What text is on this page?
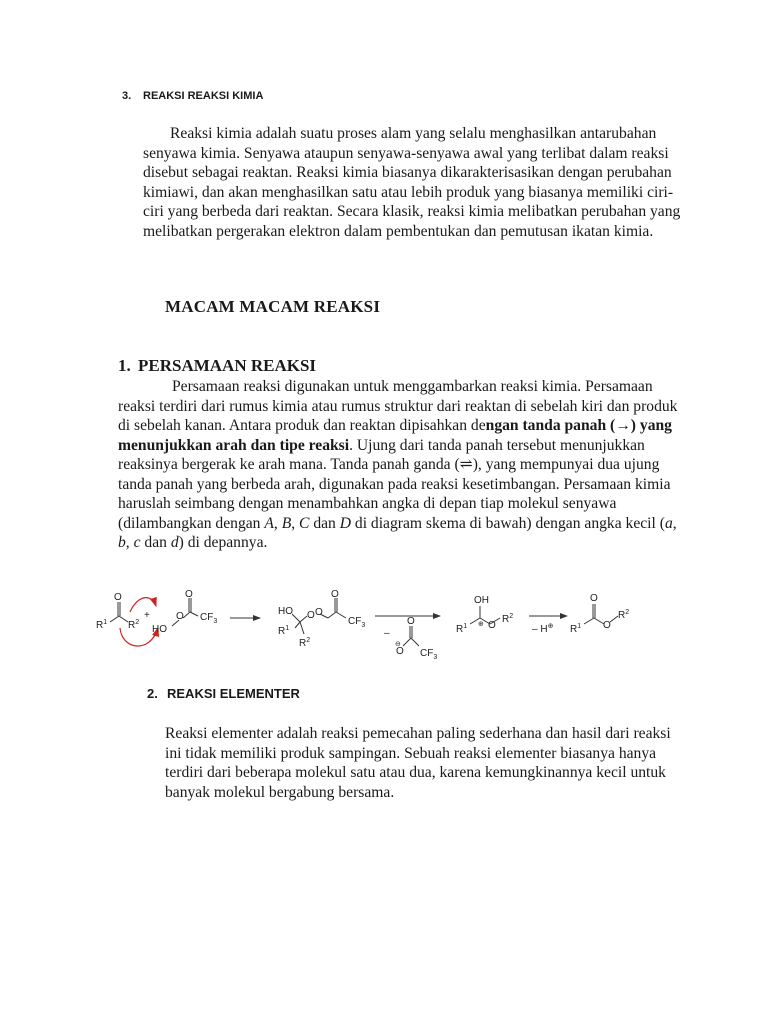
3. REAKSI REAKSI KIMIA
Reaksi kimia adalah suatu proses alam yang selalu menghasilkan antarubahan senyawa kimia. Senyawa ataupun senyawa-senyawa awal yang terlibat dalam reaksi disebut sebagai reaktan. Reaksi kimia biasanya dikarakterisasikan dengan perubahan kimiawi, dan akan menghasilkan satu atau lebih produk yang biasanya memiliki ciri-ciri yang berbeda dari reaktan. Secara klasik, reaksi kimia melibatkan perubahan yang melibatkan pergerakan elektron dalam pembentukan dan pemutusan ikatan kimia.
MACAM MACAM REAKSI
1. PERSAMAAN REAKSI
Persamaan reaksi digunakan untuk menggambarkan reaksi kimia. Persamaan reaksi terdiri dari rumus kimia atau rumus struktur dari reaktan di sebelah kiri dan produk di sebelah kanan. Antara produk dan reaktan dipisahkan dengan tanda panah (→) yang menunjukkan arah dan tipe reaksi. Ujung dari tanda panah tersebut menunjukkan reaksinya bergerak ke arah mana. Tanda panah ganda (⇌), yang mempunyai dua ujung tanda panah yang berbeda arah, digunakan pada reaksi kesetimbangan. Persamaan kimia haruslah seimbang dengan menambahkan angka di depan tiap molekul senyawa (dilambangkan dengan A, B, C dan D di diagram skema di bawah) dengan angka kecil (a, b, c dan d) di depannya.
$R^1$
O
$R^2$
+
HO
O
O
$CF_3$
HO
$R^1$
$R^2$
O O
O
$CF_3$
–
O
O
⊖
$CF_3$
OH
$R^1$ ⊕ O
$R^2$
– H⊕ $R^1$
O
O
$R^2$
2. REAKSI ELEMENTER
Reaksi elementer adalah reaksi pemecahan paling sederhana dan hasil dari reaksi ini tidak memiliki produk sampingan. Sebuah reaksi elementer biasanya hanya terdiri dari beberapa molekul satu atau dua, karena kemungkinannya kecil untuk banyak molekul bergabung bersama.
